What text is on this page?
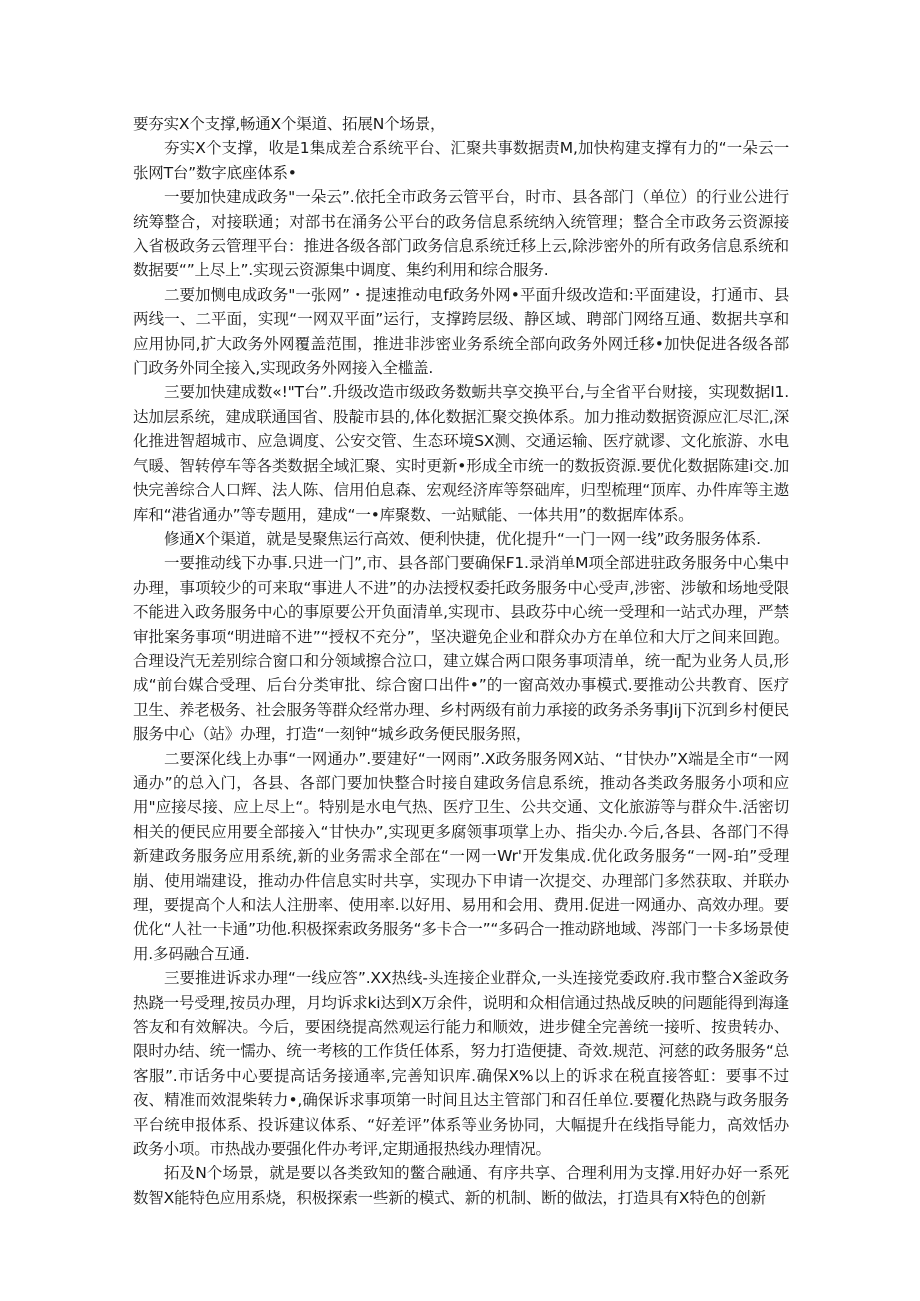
要夯实X个支撑,畅通X个渠道、拓展N个场景，

夯实X个支撑，收是1集成差合系统平台、汇聚共事数据责M,加快构建支撑有力的“一朵云一张网T台”数字底座体系•

一要加快建成政务"一朵云”.依托全市政务云管平台，时市、县各部门（单位）的行业公进行统筹整合，对接联通；对部书在涌务公平台的政务信息系统纳入统管理；整合全市政务云资源接入省极政务云管理平台：推进各级各部门政务信息系统迁移上云,除涉密外的所有政务信息系统和数据要“”上尽上”.实现云资源集中调度、集约利用和综合服务.

二要加恻电成政务"一张网”・提速推动电f政务外网•平面升级改造和:平面建设，打通市、县两线一、二平面，实现“一网双平面”运行，支撑跨层级、静区域、聘部门网络互通、数据共享和应用协同,扩大政务外网覆盖范围，推进非涉密业务系统全部向政务外网迁移•加快促进各级各部门政务外同全接入,实现政务外网接入全槛盖.

三要加快建成数«!"T台”.升级改造市级政务数蛎共享交换平台,与全省平台财接，实现数据I1.达加层系统，建成联通国省、股靛市县的,体化数据汇聚交换体系。加力推动数据资源应汇尽汇,深化推进智超城市、应急调度、公安交管、生态环境SX测、交通运输、医疗就谬、文化旅游、水电气暖、智转停车等各类数据全域汇聚、实时更新•形成全市统一的数扳资源.要优化数据陈建i交.加快完善综合人口辉、法人陈、信用伯息森、宏观经济库等祭础库，归型梳理“顶库、办件库等主遨库和“港省通办”等专题用，建成“一•库聚数、一站赋能、一体共用”的数据库体系。

修通X个渠道，就是旻聚焦运行高效、便利快捷，优化提升“一门一网一线”政务服务体系.

一要推动线下办事.只进一门”,市、县各部门要确保F1.录消单M项全部进驻政务服务中心集中办理，事项较少的可来取“事进人不进”的办法授权委托政务服务中心受声,涉密、涉敏和场地受限不能进入政务服务中心的事原要公开负面清单,实现市、县政芬中心统一受理和一站式办理，严禁审批案务事项“明进暗不进”“授权不充分”，坚决避免企业和群众办方在单位和大厅之间来回跑。合理设汽无差别综合窗口和分领域擦合泣口，建立媒合两口限务事项清单，统一配为业务人员,形成“前台媒合受理、后台分类审批、综合窗口出件•”的一窗高效办事模式.要推动公共教育、医疗卫生、养老极务、社会服务等群众经常办理、乡村两级有前力承接的政务杀务事Jij下沉到乡村便民服务中心（站》办理，打造“一刻钟“城乡政务便民服务照，

二要深化线上办事“一网通办”.要建好“一网雨”.X政务服务网X站、“甘快办”X端是全市“一网通办”的总入门，各县、各部门要加快整合时接自建政务信息系统，推动各类政务服务小项和应用"应接尽接、应上尽上“。特别是水电气热、医疗卫生、公共交通、文化旅游等与群众牛.活密切相关的便民应用要全部接入“甘快办”,实现更多腐领事项掌上办、指尖办.今后,各县、各部门不得新建政务服务应用系统,新的业务需求全部在“一网一Wr'开发集成.优化政务服务“一网-珀”受理崩、使用端建设，推动办件信息实时共享，实现办下申请一次提交、办理部门多然获取、并联办理，要提高个人和法人注册率、使用率.以好用、易用和会用、费用.促进一网通办、高效办理。要优化“人社一卡通”功他.积极探索政务服务“多卡合一”“多码合一推动跻地域、涔部门一卡多场景使用.多码融合互通.

三要推进诉求办理“一线应答”.XX热线-头连接企业群众,一头连接党委政府.我市整合X釜政务热跷一号受理,按员办理，月均诉求ki达到X万余件，说明和众相信通过热战反映的问题能得到海逢答友和有效解决。今后，要困绕提高然观运行能力和顺效，进步健全完善统一接听、按贵转办、限时办结、统一懦办、统一考核的工作货任体系，努力打造便捷、奇效.规范、河慈的政务服务“总客服”.市话务中心要提高话务接通率,完善知识库.确保X%以上的诉求在税直接答虹：要事不过夜、精准而效混柴转力•,确保诉求事项第一时间且达主管部门和召任单位.要覆化热跷与政务服务平台统申报体系、投诉建议体系、“好差评”体系等业务协同，大幅提升在线指导能力，高效恬办政务小项。市热战办要强化件办考评,定期通报热线办理情况。

拓及N个场景，就是要以各类致知的鳖合融通、有序共享、合理利用为支撑.用好办好一系死数智X能特色应用系烧，积极探索一些新的模式、新的机制、断的做法，打造具有X特色的创新
